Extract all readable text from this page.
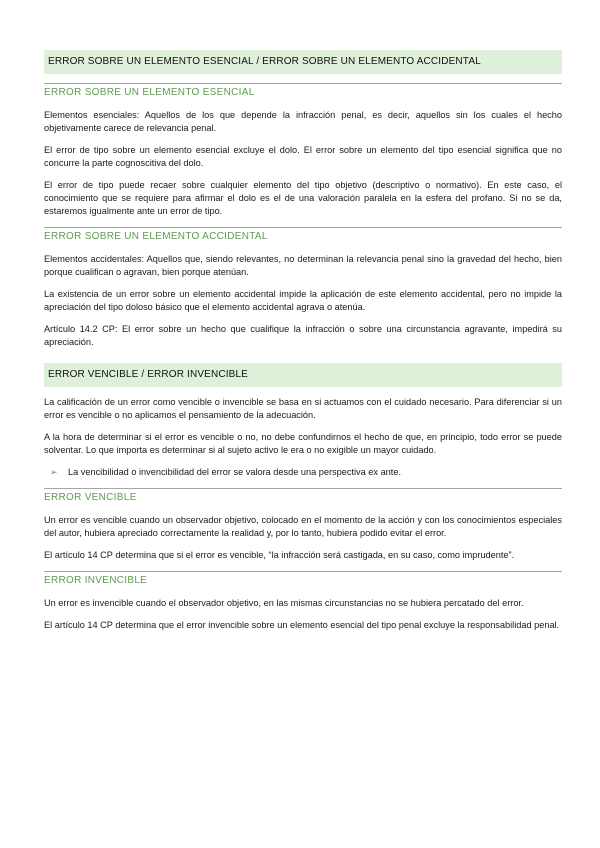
ERROR SOBRE UN ELEMENTO ESENCIAL / ERROR SOBRE UN ELEMENTO ACCIDENTAL
ERROR SOBRE UN ELEMENTO ESENCIAL

Elementos esenciales: Aquellos de los que depende la infracción penal, es decir, aquellos sin los cuales el hecho objetivamente carece de relevancia penal.

El error de tipo sobre un elemento esencial excluye el dolo. El error sobre un elemento del tipo esencial significa que no concurre la parte cognoscitiva del dolo.

El error de tipo puede recaer sobre cualquier elemento del tipo objetivo (descriptivo o normativo). En este caso, el conocimiento que se requiere para afirmar el dolo es el de una valoración paralela en la esfera del profano. Si no se da, estaremos igualmente ante un error de tipo.

ERROR SOBRE UN ELEMENTO ACCIDENTAL

Elementos accidentales: Aquellos que, siendo relevantes, no determinan la relevancia penal sino la gravedad del hecho, bien porque cualifican o agravan, bien porque atenúan.

La existencia de un error sobre un elemento accidental impide la aplicación de este elemento accidental, pero no impide la apreciación del tipo doloso básico que el elemento accidental agrava o atenúa.

Artículo 14.2 CP: El error sobre un hecho que cualifique la infracción o sobre una circunstancia agravante, impedirá su apreciación.

ERROR VENCIBLE / ERROR INVENCIBLE

La calificación de un error como vencible o invencible se basa en si actuamos con el cuidado necesario. Para diferenciar si un error es vencible o no aplicamos el pensamiento de la adecuación.

A la hora de determinar si el error es vencible o no, no debe confundirnos el hecho de que, en principio, todo error se puede solventar. Lo que importa es determinar si al sujeto activo le era o no exigible un mayor cuidado.

➢	La vencibilidad o invencibilidad del error se valora desde una perspectiva ex ante.
ERROR VENCIBLE

Un error es vencible cuando un observador objetivo, colocado en el momento de la acción y con los conocimientos especiales del autor, hubiera apreciado correctamente la realidad y, por lo tanto, hubiera podido evitar el error.

El artículo 14 CP determina que si el error es vencible, “la infracción será castigada, en su caso, como imprudente”.

ERROR INVENCIBLE

Un error es invencible cuando el observador objetivo, en las mismas circunstancias no se hubiera percatado del error.

El artículo 14 CP determina que el error invencible sobre un elemento esencial del tipo penal excluye la responsabilidad penal.
